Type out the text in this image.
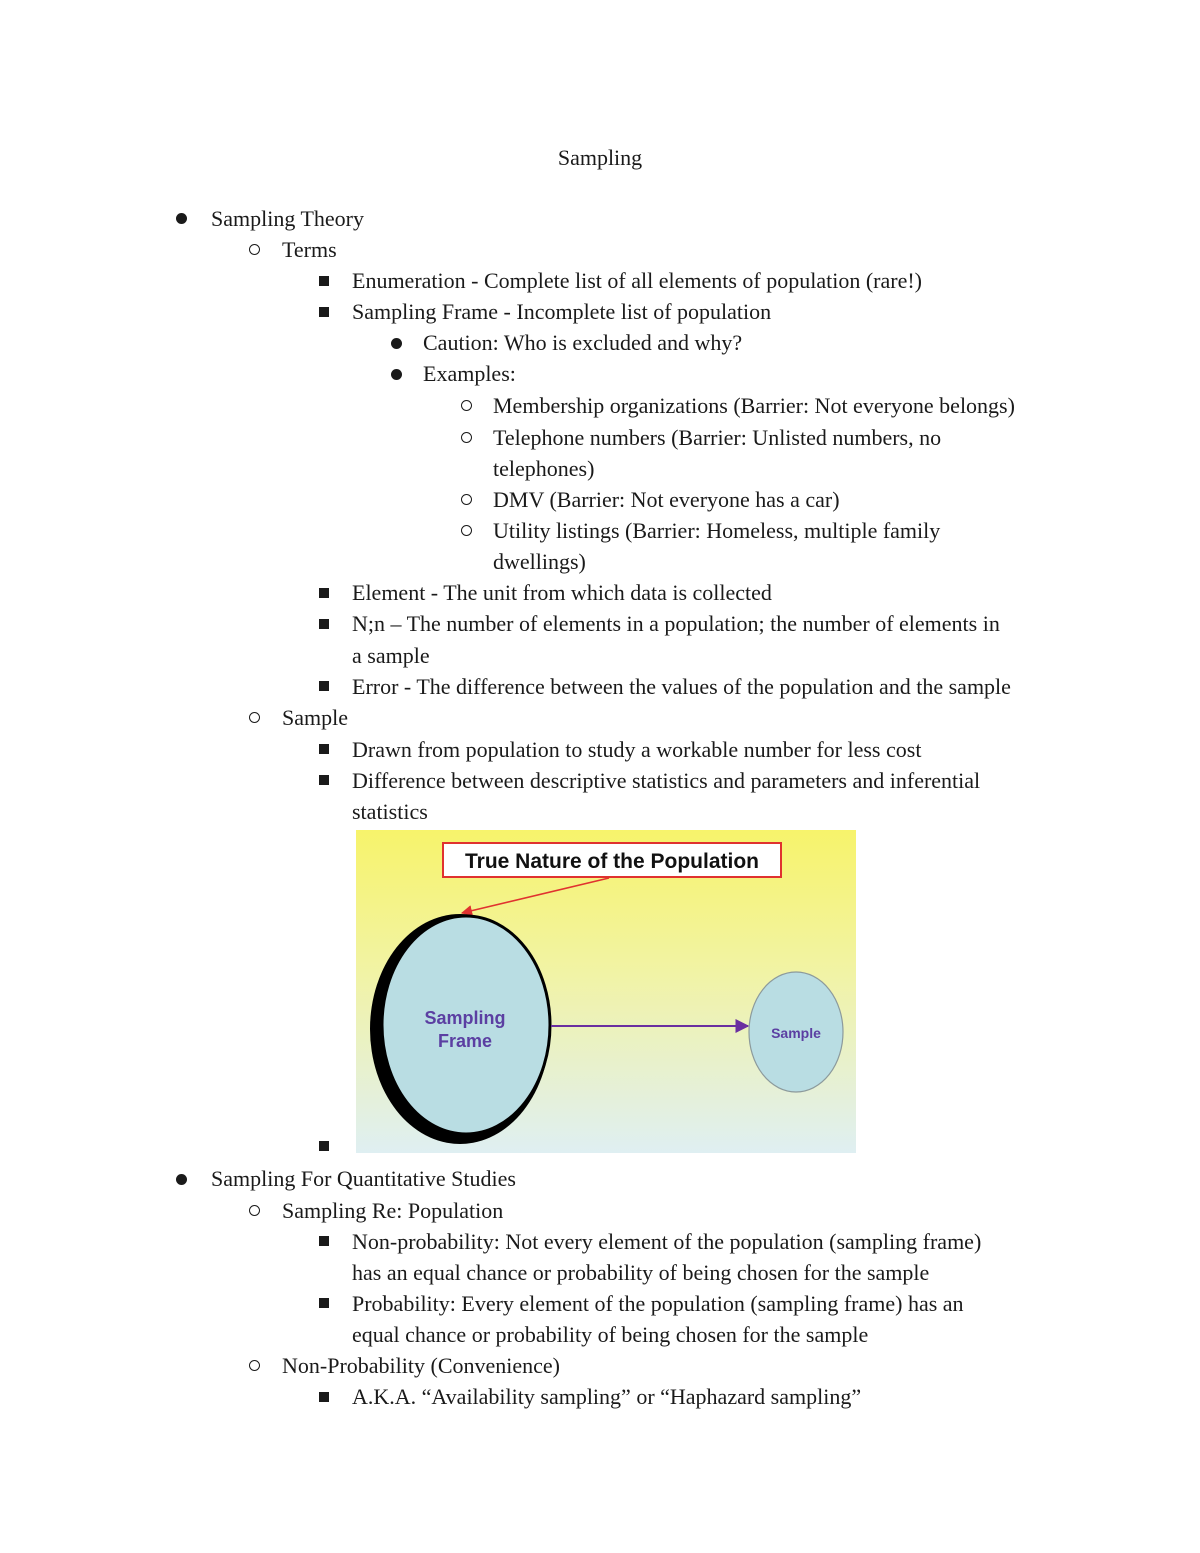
Sampling
Sampling Theory
Terms
Enumeration - Complete list of all elements of population (rare!)
Sampling Frame - Incomplete list of population
Caution: Who is excluded and why?
Examples:
Membership organizations (Barrier: Not everyone belongs)
Telephone numbers (Barrier: Unlisted numbers, no
telephones)
DMV (Barrier: Not everyone has a car)
Utility listings (Barrier: Homeless, multiple family
dwellings)
Element - The unit from which data is collected
N;n – The number of elements in a population; the number of elements in
a sample
Error - The difference between the values of the population and the sample
Sample
Drawn from population to study a workable number for less cost
Difference between descriptive statistics and parameters and inferential
statistics
Sampling For Quantitative Studies
Sampling Re: Population
Non-probability: Not every element of the population (sampling frame)
has an equal chance or probability of being chosen for the sample
Probability: Every element of the population (sampling frame) has an
equal chance or probability of being chosen for the sample
Non-Probability (Convenience)
A.K.A. “Availability sampling” or “Haphazard sampling”
True Nature of the Population
Sampling
Frame	Sample
